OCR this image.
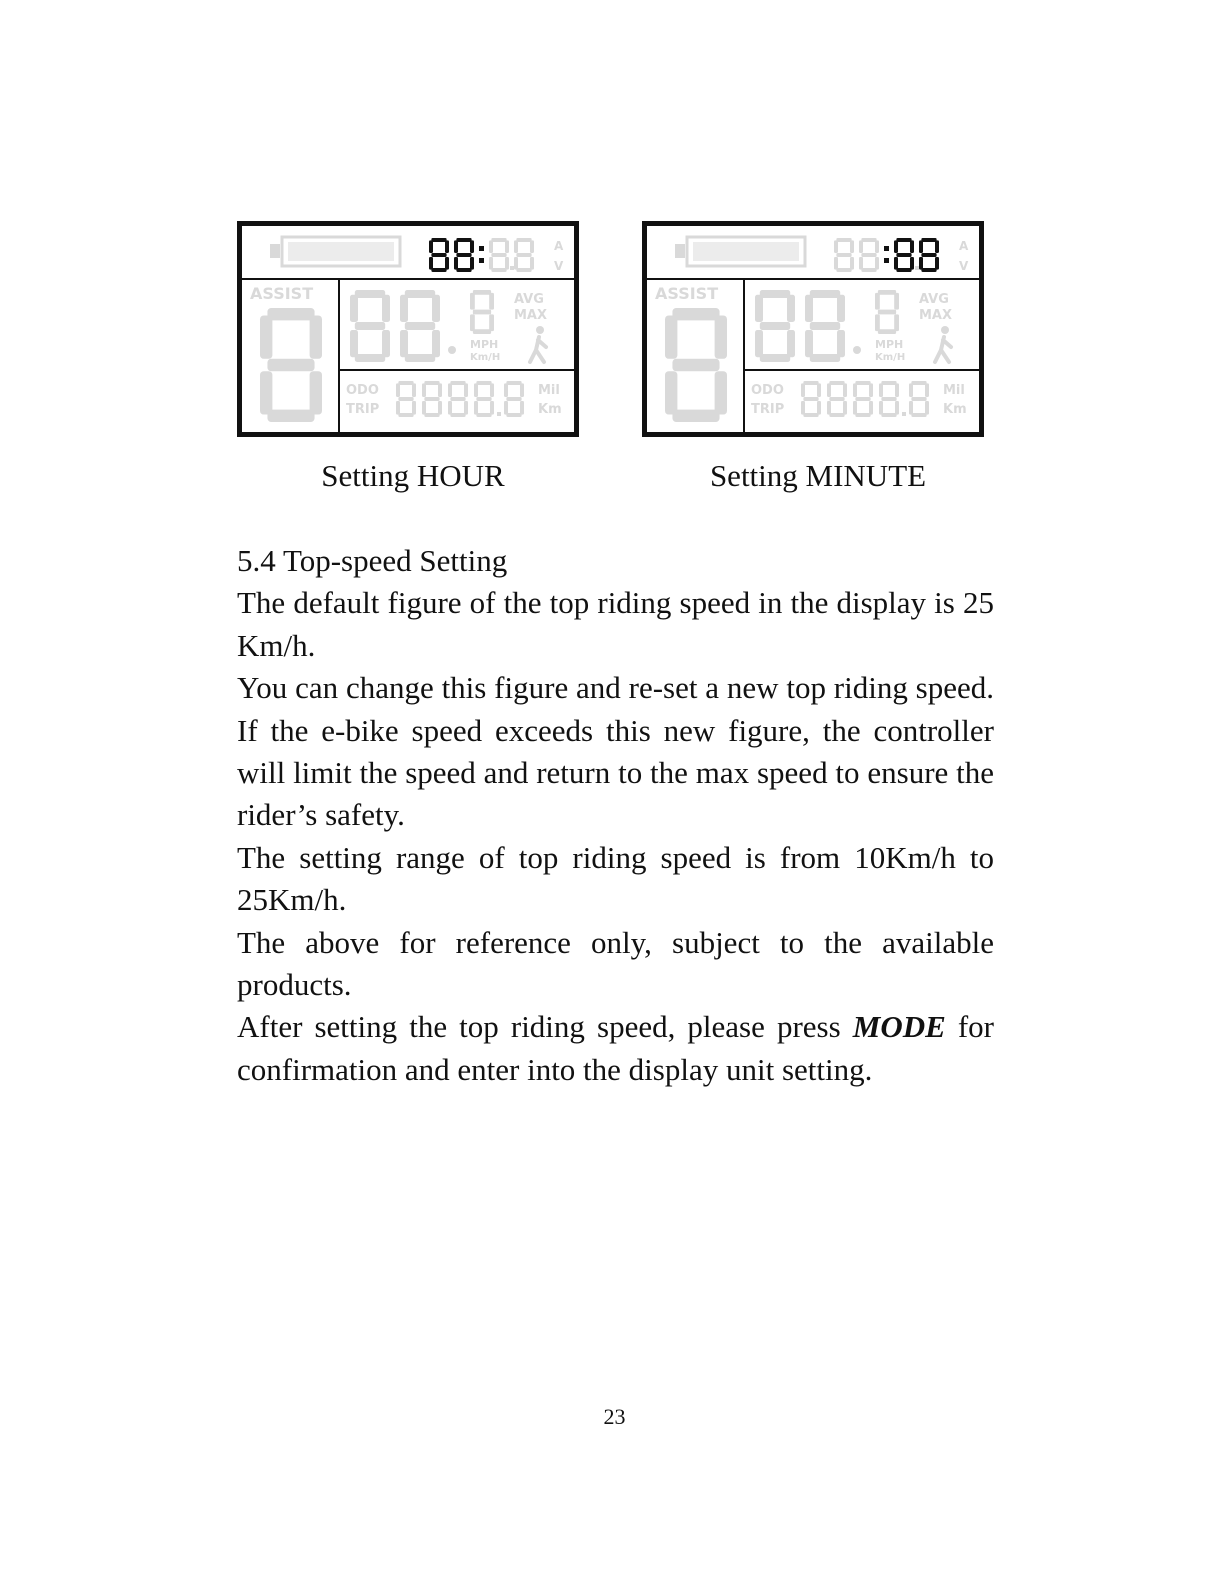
A
V
ASSIST	AVG
MAX
MPH
Km/H
ODO
TRIP
Mil
Km
A
V
ASSIST	AVG
MAX
MPH
Km/H
ODO
TRIP
Mil
Km
Setting HOUR	Setting MINUTE

5.4 Top-speed Setting

The default figure of the top riding speed in the display is 25 Km/h.

You can change this figure and re-set a new top riding speed. If the e-bike speed exceeds this new figure, the controller will limit the speed and return to the max speed to ensure the rider’s safety.

The setting range of top riding speed is from 10Km/h to 25Km/h.

The above for reference only, subject to the available products.

After setting the top riding speed, please press MODE for confirmation and enter into the display unit setting.

23
